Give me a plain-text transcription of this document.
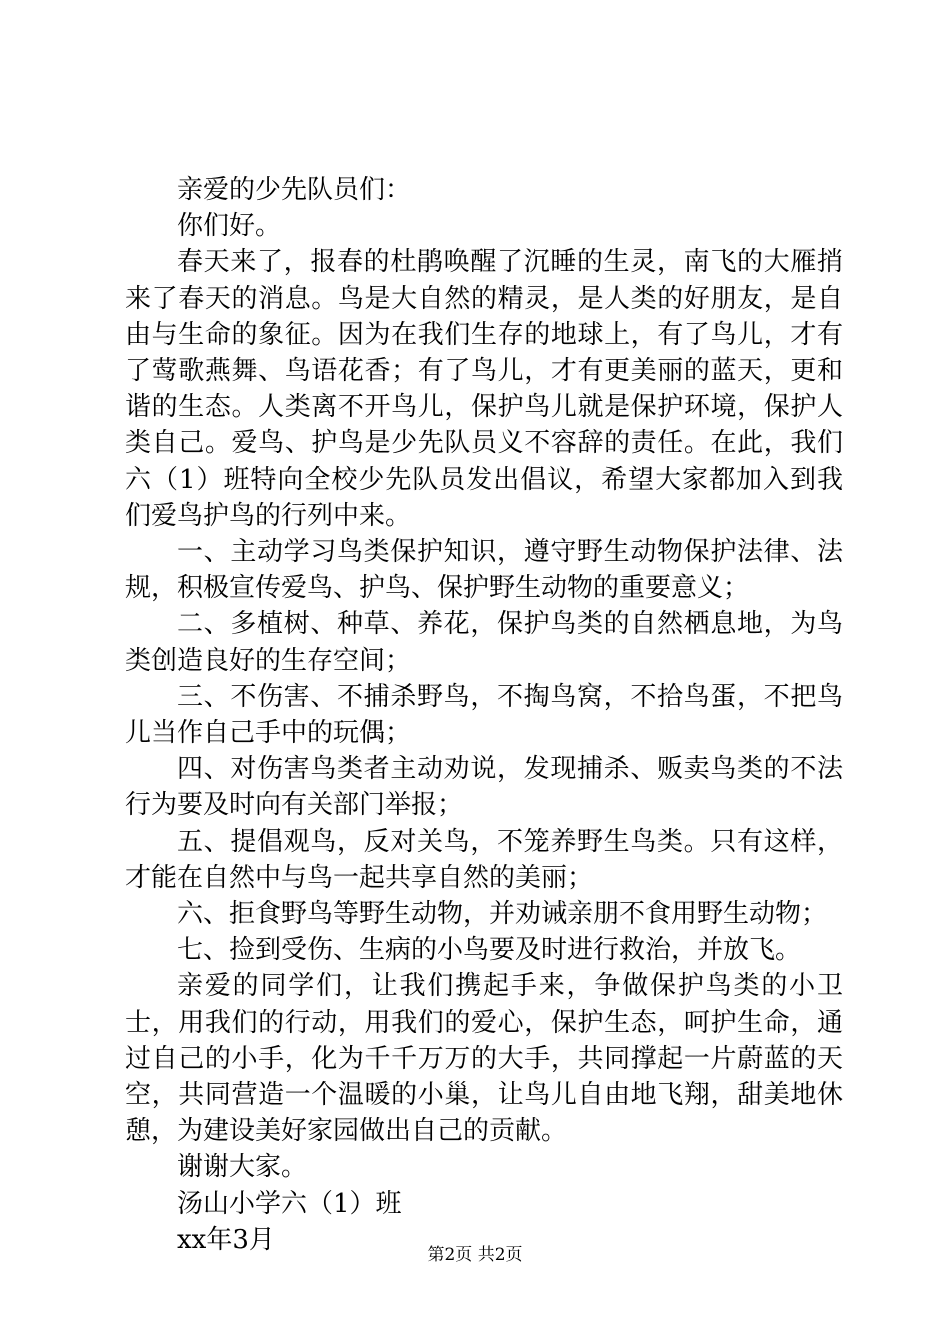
亲爱的少先队员们：

你们好。

春天来了，报春的杜鹃唤醒了沉睡的生灵，南飞的大雁捎来了春天的消息。鸟是大自然的精灵，是人类的好朋友，是自由与生命的象征。因为在我们生存的地球上，有了鸟儿，才有了莺歌燕舞、鸟语花香；有了鸟儿，才有更美丽的蓝天，更和谐的生态。人类离不开鸟儿，保护鸟儿就是保护环境，保护人类自己。爱鸟、护鸟是少先队员义不容辞的责任。在此，我们六（1）班特向全校少先队员发出倡议，希望大家都加入到我们爱鸟护鸟的行列中来。

一、主动学习鸟类保护知识，遵守野生动物保护法律、法规，积极宣传爱鸟、护鸟、保护野生动物的重要意义；

二、多植树、种草、养花，保护鸟类的自然栖息地，为鸟类创造良好的生存空间；

三、不伤害、不捕杀野鸟，不掏鸟窝，不拾鸟蛋，不把鸟儿当作自己手中的玩偶；

四、对伤害鸟类者主动劝说，发现捕杀、贩卖鸟类的不法行为要及时向有关部门举报；

五、提倡观鸟，反对关鸟，不笼养野生鸟类。只有这样，才能在自然中与鸟一起共享自然的美丽；

六、拒食野鸟等野生动物，并劝诫亲朋不食用野生动物；

七、捡到受伤、生病的小鸟要及时进行救治，并放飞。

亲爱的同学们，让我们携起手来，争做保护鸟类的小卫士，用我们的行动，用我们的爱心，保护生态，呵护生命，通过自己的小手，化为千千万万的大手，共同撑起一片蔚蓝的天空，共同营造一个温暖的小巢，让鸟儿自由地飞翔，甜美地休憩，为建设美好家园做出自己的贡献。

谢谢大家。

汤山小学六（1）班

xx年3月

第2页 共2页
